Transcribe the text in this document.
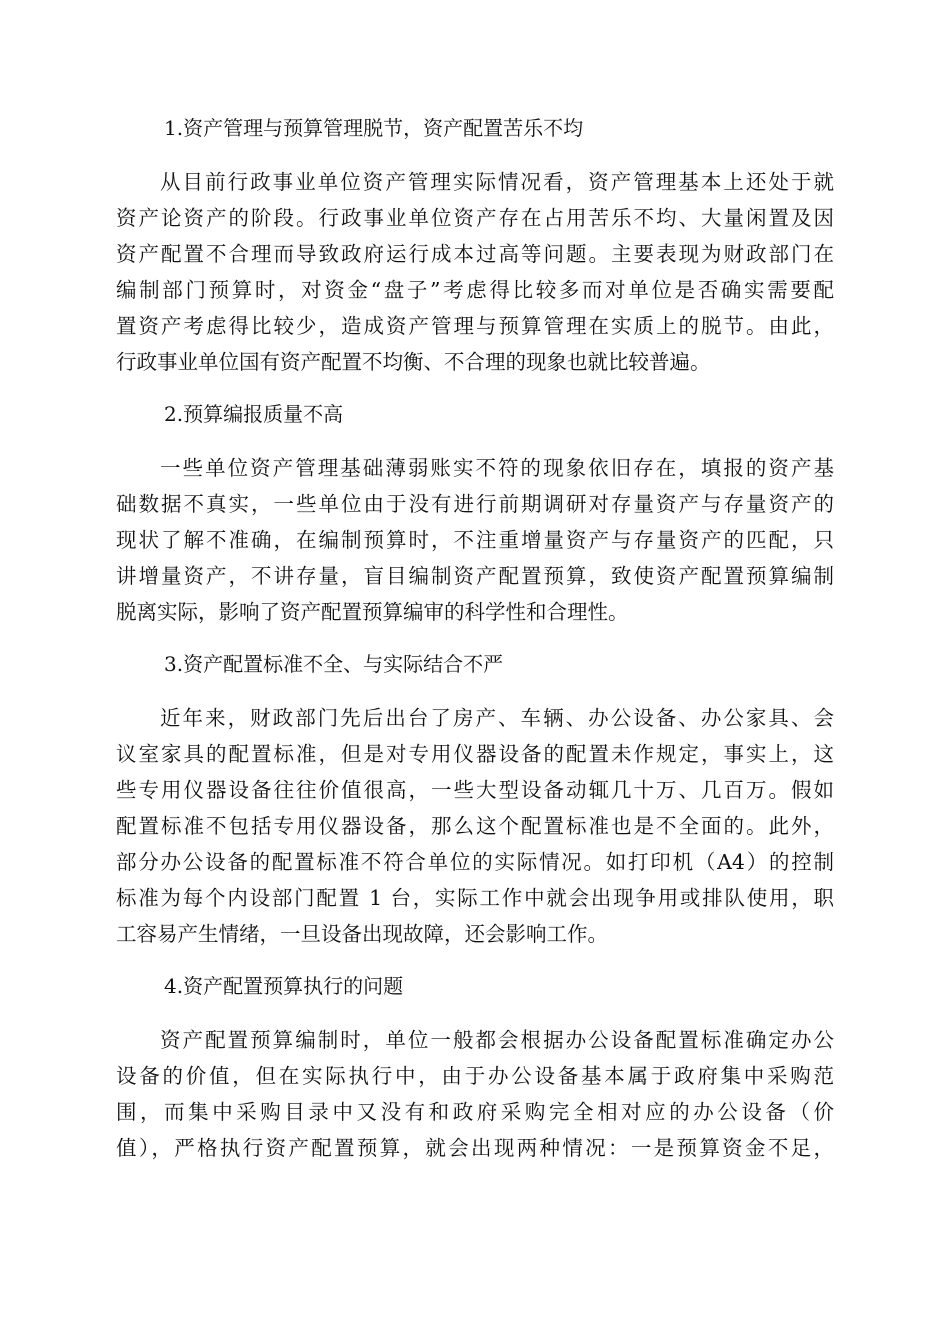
1.资产管理与预算管理脱节，资产配置苦乐不均
从目前行政事业单位资产管理实际情况看，资产管理基本上还处于就
资产论资产的阶段。行政事业单位资产存在占用苦乐不均、大量闲置及因
资产配置不合理而导致政府运行成本过高等问题。主要表现为财政部门在
编制部门预算时，对资金“盘子”考虑得比较多而对单位是否确实需要配
置资产考虑得比较少，造成资产管理与预算管理在实质上的脱节。由此，
行政事业单位国有资产配置不均衡、不合理的现象也就比较普遍。
2.预算编报质量不高
一些单位资产管理基础薄弱账实不符的现象依旧存在，填报的资产基
础数据不真实，一些单位由于没有进行前期调研对存量资产与存量资产的
现状了解不准确，在编制预算时，不注重增量资产与存量资产的匹配，只
讲增量资产，不讲存量，盲目编制资产配置预算，致使资产配置预算编制
脱离实际，影响了资产配置预算编审的科学性和合理性。
3.资产配置标准不全、与实际结合不严
近年来，财政部门先后出台了房产、车辆、办公设备、办公家具、会
议室家具的配置标准，但是对专用仪器设备的配置未作规定，事实上，这
些专用仪器设备往往价值很高，一些大型设备动辄几十万、几百万。假如
配置标准不包括专用仪器设备，那么这个配置标准也是不全面的。此外，
部分办公设备的配置标准不符合单位的实际情况。如打印机（A4）的控制
标准为每个内设部门配置 1 台，实际工作中就会出现争用或排队使用，职
工容易产生情绪，一旦设备出现故障，还会影响工作。
4.资产配置预算执行的问题
资产配置预算编制时，单位一般都会根据办公设备配置标准确定办公
设备的价值，但在实际执行中，由于办公设备基本属于政府集中采购范
围，而集中采购目录中又没有和政府采购完全相对应的办公设备（价
值），严格执行资产配置预算，就会出现两种情况：一是预算资金不足，
